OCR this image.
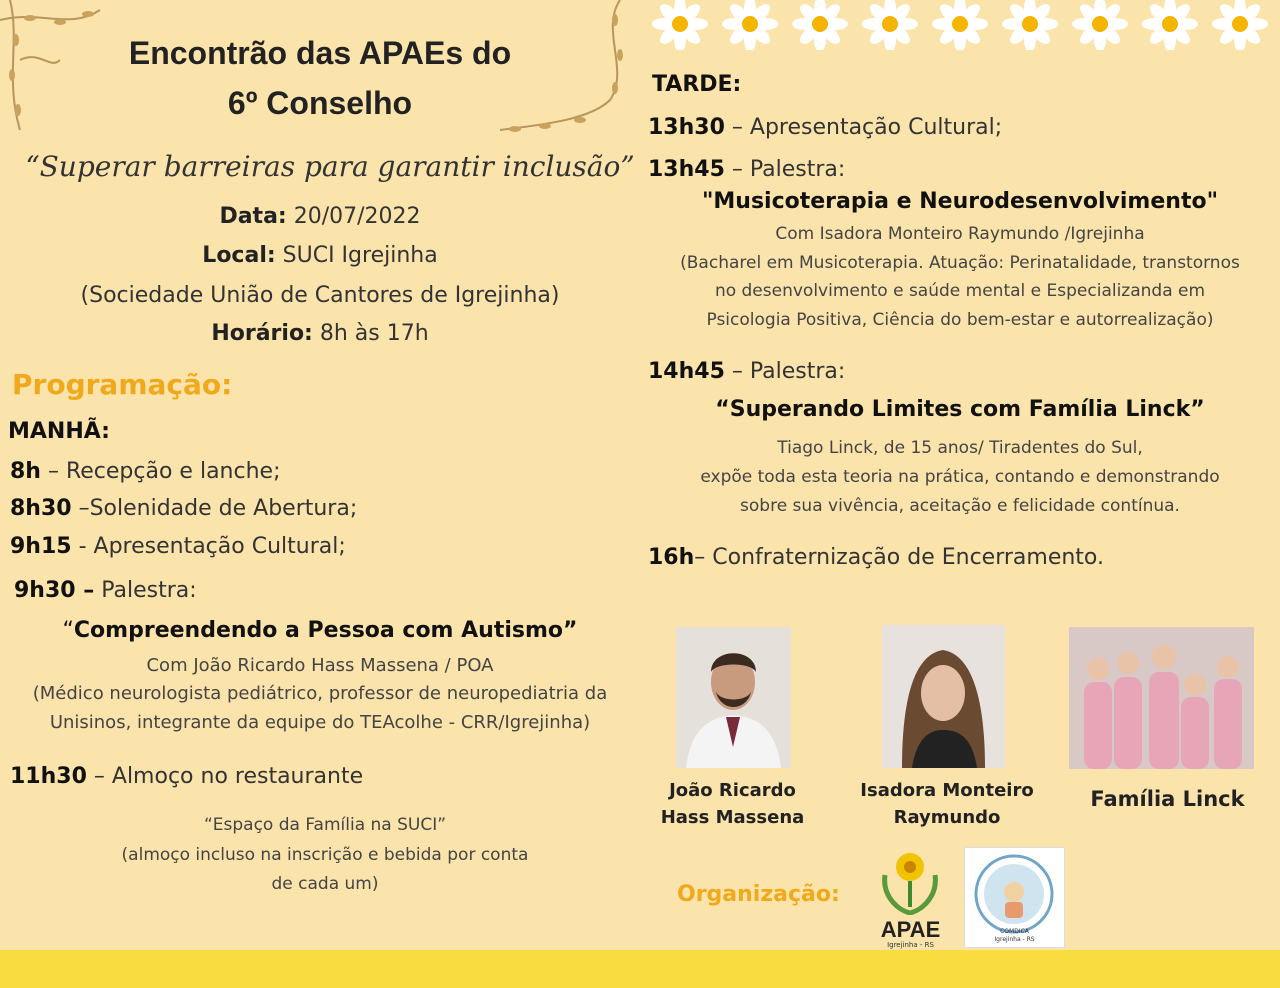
Encontrão das APAEs do
6º Conselho
“Superar barreiras para garantir inclusão”
Data: 20/07/2022
Local: SUCI Igrejinha
(Sociedade União de Cantores de Igrejinha)
Horário: 8h às 17h
Programação:
MANHÃ:
8h – Recepção e lanche;
8h30 –Solenidade de Abertura;
9h15 - Apresentação Cultural;
9h30 – Palestra:
“Compreendendo a Pessoa com Autismo”
Com João Ricardo Hass Massena / POA
(Médico neurologista pediátrico, professor de neuropediatria da
Unisinos, integrante da equipe do TEAcolhe - CRR/Igrejinha)
11h30 – Almoço no restaurante
“Espaço da Família na SUCI”
(almoço incluso na inscrição e bebida por conta
de cada um)
TARDE:
13h30 – Apresentação Cultural;
13h45 – Palestra:
"Musicoterapia e Neurodesenvolvimento"
Com Isadora Monteiro Raymundo /Igrejinha
(Bacharel em Musicoterapia. Atuação: Perinatalidade, transtornos
no desenvolvimento e saúde mental e Especializanda em
Psicologia Positiva, Ciência do bem-estar e autorrealização)
14h45 – Palestra:
“Superando Limites com Família Linck”
Tiago Linck, de 15 anos/ Tiradentes do Sul,
expõe toda esta teoria na prática, contando e demonstrando
sobre sua vivência, aceitação e felicidade contínua.
16h– Confraternização de Encerramento.
João Ricardo
Hass Massena
Isadora Monteiro
Raymundo
Família Linck
Organização:
APAE
Igrejinha - RS
COMDICA
Igrejinha - RS
